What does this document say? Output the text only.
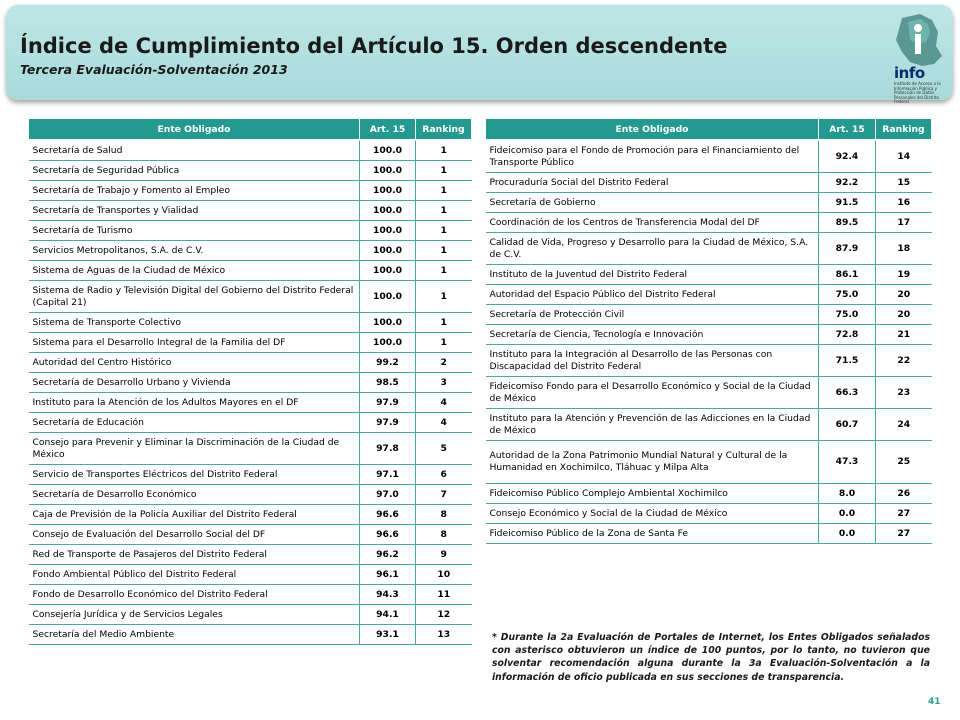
Índice de Cumplimiento del Artículo 15. Orden descendente
Tercera Evaluación-Solventación 2013	info
Instituto de Acceso a la Información Pública y Protección de Datos Personales del Distrito Federal
Ente Obligado	Art. 15	Ranking
Secretaría de Salud	100.0	1
Secretaría de Seguridad Pública	100.0	1
Secretaría de Trabajo y Fomento al Empleo	100.0	1
Secretaría de Transportes y Vialidad	100.0	1
Secretaría de Turismo	100.0	1
Servicios Metropolitanos, S.A. de C.V.	100.0	1
Sistema de Aguas de la Ciudad de México	100.0	1
Sistema de Radio y Televisión Digital del Gobierno del Distrito Federal (Capital 21)	100.0	1
Sistema de Transporte Colectivo	100.0	1
Sistema para el Desarrollo Integral de la Familia del DF	100.0	1
Autoridad del Centro Histórico	99.2	2
Secretaría de Desarrollo Urbano y Vivienda	98.5	3
Instituto para la Atención de los Adultos Mayores en el DF	97.9	4
Secretaría de Educación	97.9	4
Consejo para Prevenir y Eliminar la Discriminación de la Ciudad de México	97.8	5
Servicio de Transportes Eléctricos del Distrito Federal	97.1	6
Secretaría de Desarrollo Económico	97.0	7
Caja de Previsión de la Policía Auxiliar del Distrito Federal	96.6	8
Consejo de Evaluación del Desarrollo Social del DF	96.6	8
Red de Transporte de Pasajeros del Distrito Federal	96.2	9
Fondo Ambiental Público del Distrito Federal	96.1	10
Fondo de Desarrollo Económico del Distrito Federal	94.3	11
Consejería Jurídica y de Servicios Legales	94.1	12
Secretaría del Medio Ambiente	93.1	13
Ente Obligado	Art. 15	Ranking
Fideicomiso para el Fondo de Promoción para el Financiamiento del Transporte Público	92.4	14
Procuraduría Social del Distrito Federal	92.2	15
Secretaría de Gobierno	91.5	16
Coordinación de los Centros de Transferencia Modal del DF	89.5	17
Calidad de Vida, Progreso y Desarrollo para la Ciudad de México, S.A. de C.V.	87.9	18
Instituto de la Juventud del Distrito Federal	86.1	19
Autoridad del Espacio Público del Distrito Federal	75.0	20
Secretaría de Protección Civil	75.0	20
Secretaría de Ciencia, Tecnología e Innovación	72.8	21
Instituto para la Integración al Desarrollo de las Personas con Discapacidad del Distrito Federal	71.5	22
Fideicomiso Fondo para el Desarrollo Económico y Social de la Ciudad de México	66.3	23
Instituto para la Atención y Prevención de las Adicciones en la Ciudad de México	60.7	24
Autoridad de la Zona Patrimonio Mundial Natural y Cultural de la Humanidad en Xochimilco, Tláhuac y Milpa Alta	47.3	25
Fideicomiso Público Complejo Ambiental Xochimilco	8.0	26
Consejo Económico y Social de la Ciudad de México	0.0	27
Fideicomiso Público de la Zona de Santa Fe	0.0	27
* Durante la 2a Evaluación de Portales de Internet, los Entes Obligados señalados con asterisco obtuvieron un índice de 100 puntos, por lo tanto, no tuvieron que solventar recomendación alguna durante la 3a Evaluación-Solventación a la información de oficio publicada en sus secciones de transparencia.
41
